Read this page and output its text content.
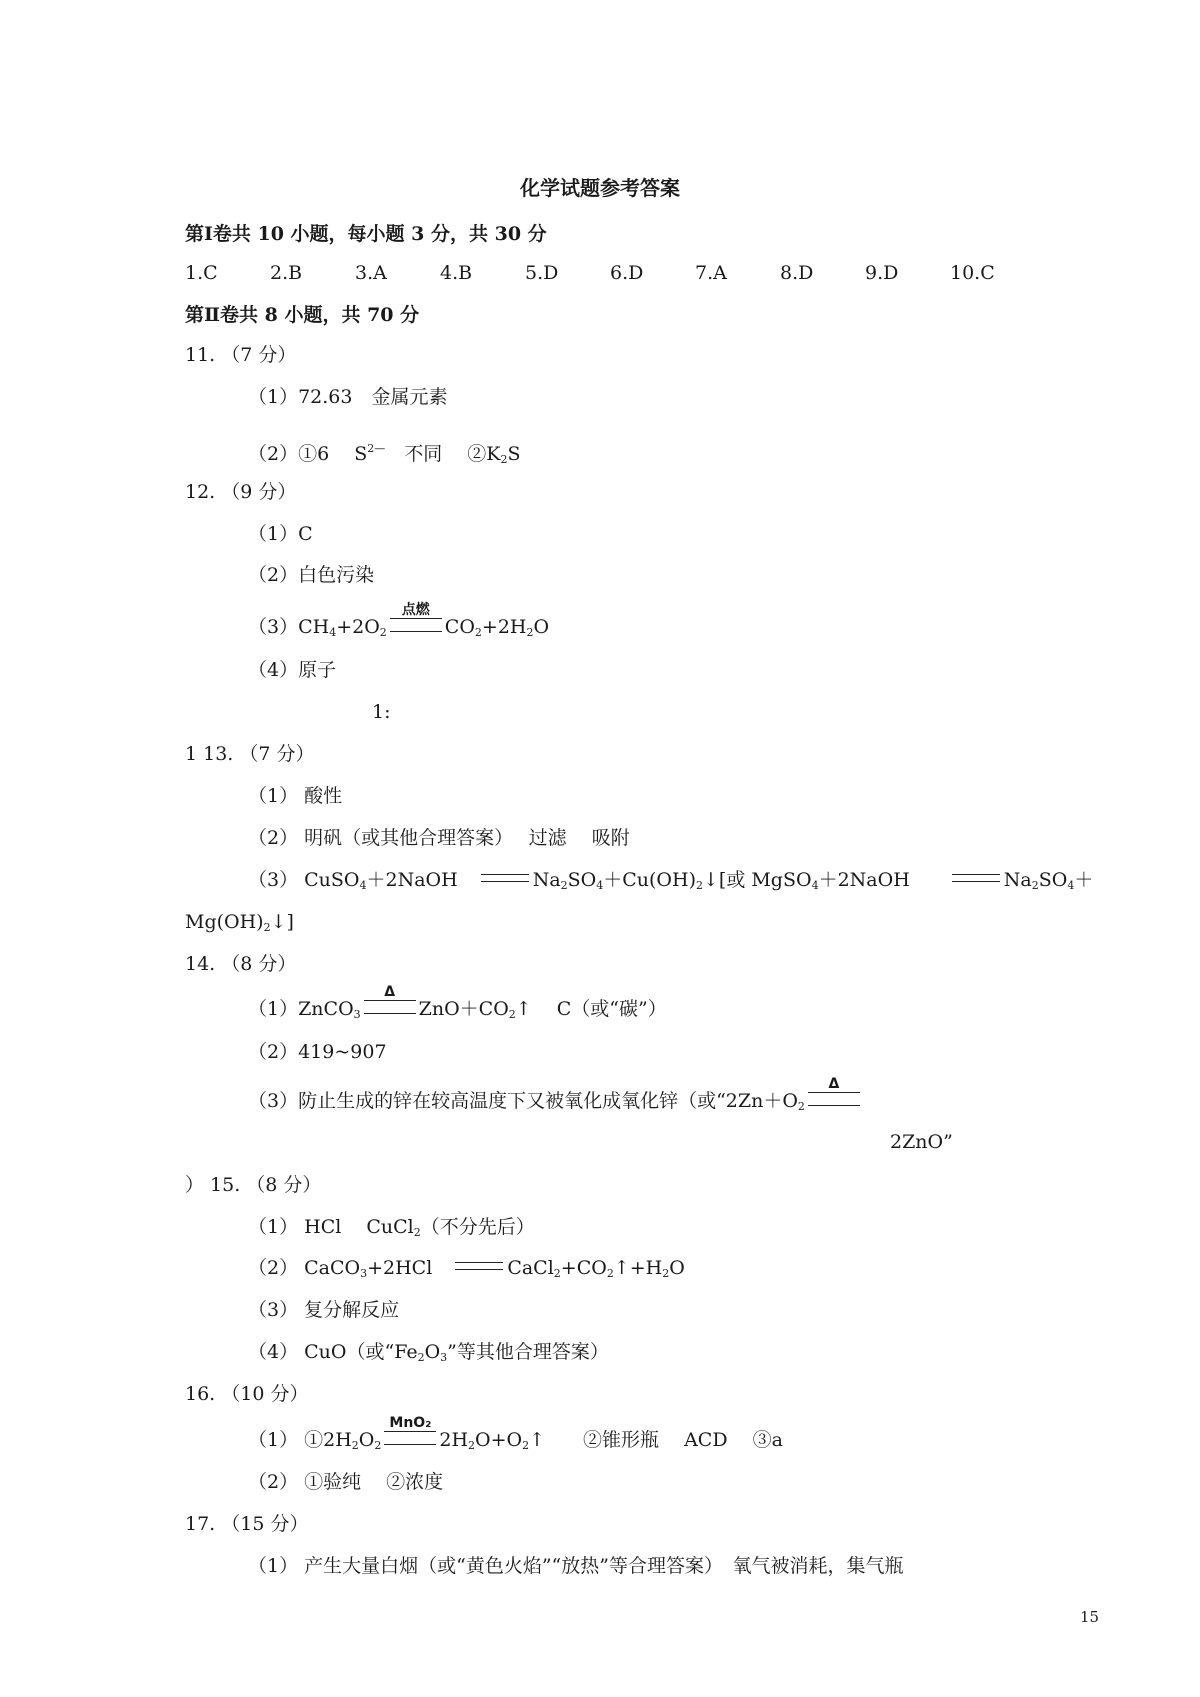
化学试题参考答案
第Ⅰ卷共 10 小题，每小题 3 分，共 30 分
1.C	2.B	3.A	4.B	5.D	6.D	7.A	8.D	9.D	10.C
第Ⅱ卷共 8 小题，共 70 分
11. （7 分）
（1）72.63　金属元素
（2）①6　 $S^{2—}$　不同　 $②K_2S$
12. （9 分）
（1）C
（2）白色污染
$(3)CH_4+2O_2$
点燃
$CO_2+2H_2O$
（4）原子
1:
1 13. （7 分）
（1） 酸性
（2） 明矾（或其他合理答案）　 过滤　 吸附
（3） CuSO$_4$＋2NaOH　	$Na_2SO_4+Cu(OH)_2↓$[或 MgSO$_4$＋2NaOH　　	$Na_2SO_4+$
$Mg(OH)_2↓$]
14. （8 分）
（1）ZnCO$_3$
Δ
$ZnO+CO_2↑$　 C（或“碳”）
（2）419~907
（3）防止生成的锌在较高温度下又被氧化成氧化锌（或“$2Zn+O_2$
Δ
2ZnO”
） 15. （8 分）
（1） HCl　 CuCl$_2$（不分先后）
（2） CaCO$_3$+2HCl　	$CaCl_2+CO_2↑+H_2O$
（3） 复分解反应
（4） CuO（或“$Fe_2O_3$”等其他合理答案）
16. （10 分）
（1） $①2H_2O_2$
MnO₂
$2H_2O+O_2↑$　　②锥形瓶　 ACD　 ③a
（2） ①验纯　 ②浓度
17. （15 分）
（1） 产生大量白烟（或“黄色火焰”“放热”等合理答案）　氧气被消耗，集气瓶
15
